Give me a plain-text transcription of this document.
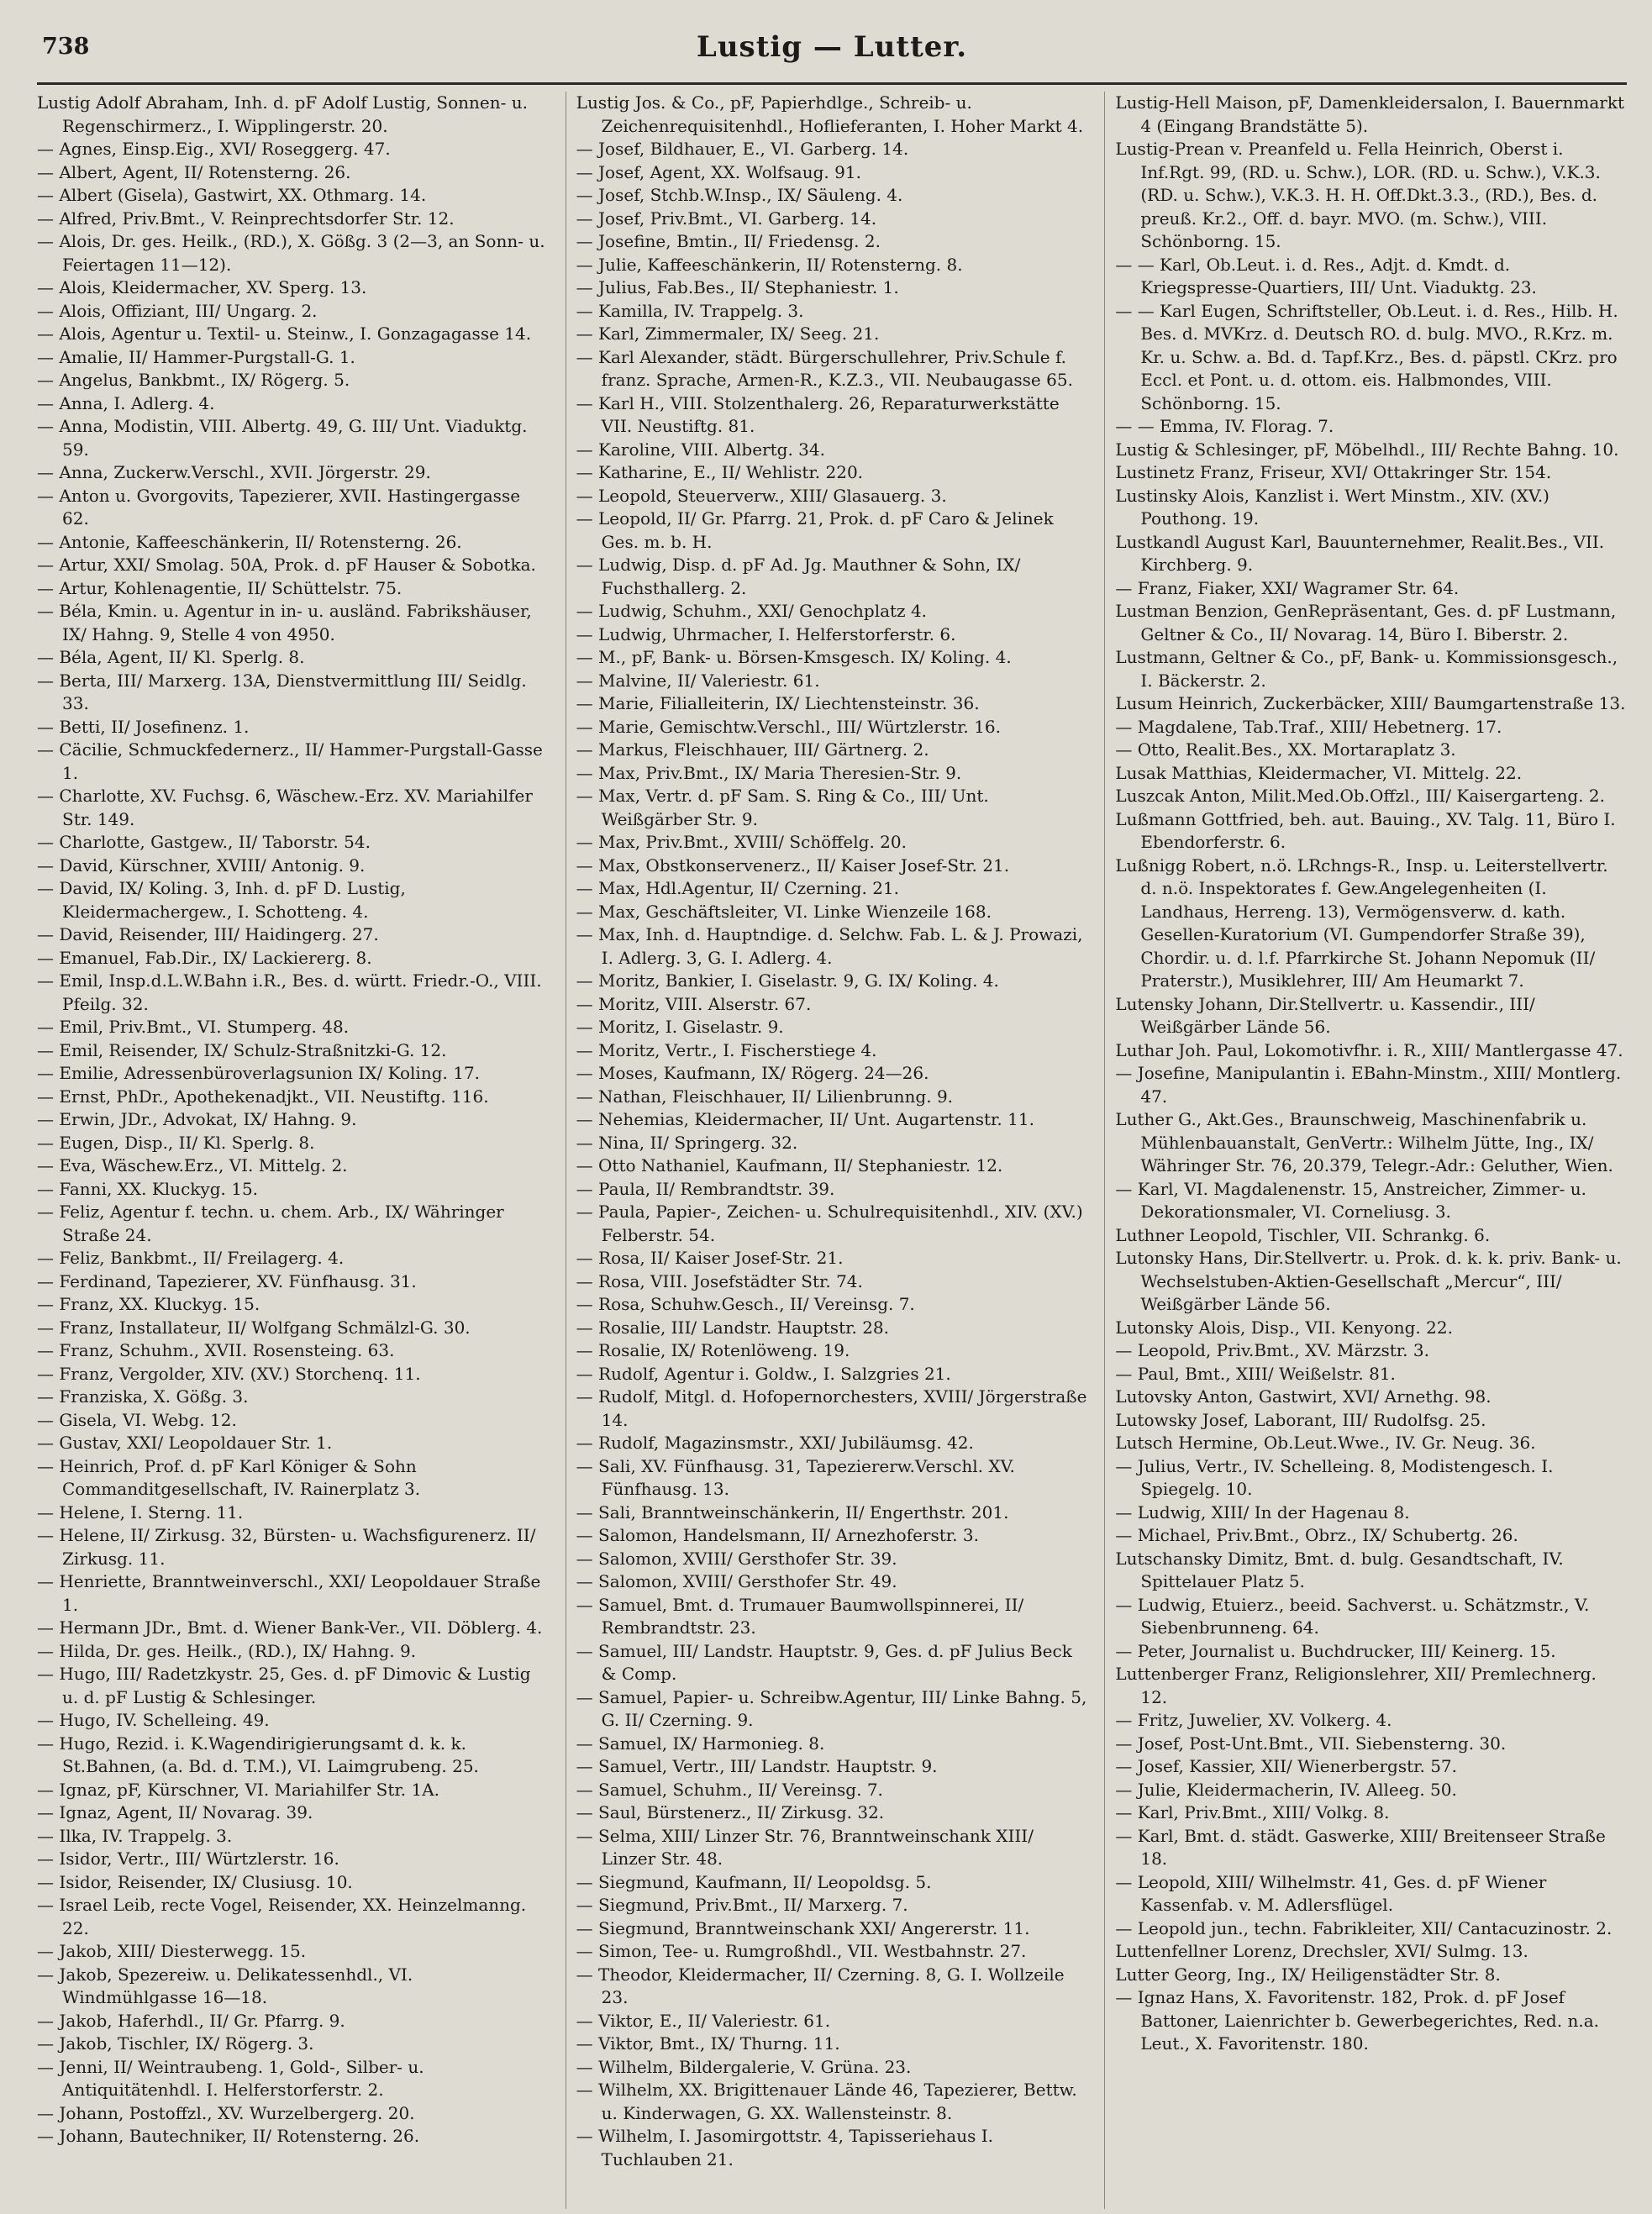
738	Lustig — Lutter.
Lustig Adolf Abraham, Inh. d. pF Adolf Lustig, Sonnen- u. Regenschirmerz., I. Wipplingerstr. 20.
— Agnes, Einsp.Eig., XVI/ Roseggerg. 47.
— Albert, Agent, II/ Rotensterng. 26.
— Albert (Gisela), Gastwirt, XX. Othmarg. 14.
— Alfred, Priv.Bmt., V. Reinprechtsdorfer Str. 12.
— Alois, Dr. ges. Heilk., (RD.), X. Gößg. 3 (2—3, an Sonn- u. Feiertagen 11—12).
— Alois, Kleidermacher, XV. Sperg. 13.
— Alois, Offiziant, III/ Ungarg. 2.
— Alois, Agentur u. Textil- u. Steinw., I. Gonzagagasse 14.
— Amalie, II/ Hammer-Purgstall-G. 1.
— Angelus, Bankbmt., IX/ Rögerg. 5.
— Anna, I. Adlerg. 4.
— Anna, Modistin, VIII. Albertg. 49, G. III/ Unt. Viaduktg. 59.
— Anna, Zuckerw.Verschl., XVII. Jörgerstr. 29.
— Anton u. Gvorgovits, Tapezierer, XVII. Hastingergasse 62.
— Antonie, Kaffeeschänkerin, II/ Rotensterng. 26.
— Artur, XXI/ Smolag. 50A, Prok. d. pF Hauser & Sobotka.
— Artur, Kohlenagentie, II/ Schüttelstr. 75.
— Béla, Kmin. u. Agentur in in- u. ausländ. Fabrikshäuser, IX/ Hahng. 9, Stelle 4 von 4950.
— Béla, Agent, II/ Kl. Sperlg. 8.
— Berta, III/ Marxerg. 13A, Dienstvermittlung III/ Seidlg. 33.
— Betti, II/ Josefinenz. 1.
— Cäcilie, Schmuckfedernerz., II/ Hammer-Purgstall-Gasse 1.
— Charlotte, XV. Fuchsg. 6, Wäschew.-Erz. XV. Mariahilfer Str. 149.
— Charlotte, Gastgew., II/ Taborstr. 54.
— David, Kürschner, XVIII/ Antonig. 9.
— David, IX/ Koling. 3, Inh. d. pF D. Lustig, Kleidermachergew., I. Schotteng. 4.
— David, Reisender, III/ Haidingerg. 27.
— Emanuel, Fab.Dir., IX/ Lackiererg. 8.
— Emil, Insp.d.L.W.Bahn i.R., Bes. d. württ. Friedr.-O., VIII. Pfeilg. 32.
— Emil, Priv.Bmt., VI. Stumperg. 48.
— Emil, Reisender, IX/ Schulz-Straßnitzki-G. 12.
— Emilie, Adressenbüroverlagsunion IX/ Koling. 17.
— Ernst, PhDr., Apothekenadjkt., VII. Neustiftg. 116.
— Erwin, JDr., Advokat, IX/ Hahng. 9.
— Eugen, Disp., II/ Kl. Sperlg. 8.
— Eva, Wäschew.Erz., VI. Mittelg. 2.
— Fanni, XX. Kluckyg. 15.
— Feliz, Agentur f. techn. u. chem. Arb., IX/ Währinger Straße 24.
— Feliz, Bankbmt., II/ Freilagerg. 4.
— Ferdinand, Tapezierer, XV. Fünfhausg. 31.
— Franz, XX. Kluckyg. 15.
— Franz, Installateur, II/ Wolfgang Schmälzl-G. 30.
— Franz, Schuhm., XVII. Rosensteing. 63.
— Franz, Vergolder, XIV. (XV.) Storchenq. 11.
— Franziska, X. Gößg. 3.
— Gisela, VI. Webg. 12.
— Gustav, XXI/ Leopoldauer Str. 1.
— Heinrich, Prof. d. pF Karl Königer & Sohn Commanditgesellschaft, IV. Rainerplatz 3.
— Helene, I. Sterng. 11.
— Helene, II/ Zirkusg. 32, Bürsten- u. Wachsfigurenerz. II/ Zirkusg. 11.
— Henriette, Branntweinverschl., XXI/ Leopoldauer Straße 1.
— Hermann JDr., Bmt. d. Wiener Bank-Ver., VII. Döblerg. 4.
— Hilda, Dr. ges. Heilk., (RD.), IX/ Hahng. 9.
— Hugo, III/ Radetzkystr. 25, Ges. d. pF Dimovic & Lustig u. d. pF Lustig & Schlesinger.
— Hugo, IV. Schelleing. 49.
— Hugo, Rezid. i. K.Wagendirigierungsamt d. k. k. St.Bahnen, (a. Bd. d. T.M.), VI. Laimgrubeng. 25.
— Ignaz, pF, Kürschner, VI. Mariahilfer Str. 1A.
— Ignaz, Agent, II/ Novarag. 39.
— Ilka, IV. Trappelg. 3.
— Isidor, Vertr., III/ Würtzlerstr. 16.
— Isidor, Reisender, IX/ Clusiusg. 10.
— Israel Leib, recte Vogel, Reisender, XX. Heinzelmanng. 22.
— Jakob, XIII/ Diesterwegg. 15.
— Jakob, Spezereiw. u. Delikatessenhdl., VI. Windmühlgasse 16—18.
— Jakob, Haferhdl., II/ Gr. Pfarrg. 9.
— Jakob, Tischler, IX/ Rögerg. 3.
— Jenni, II/ Weintraubeng. 1, Gold-, Silber- u. Antiquitätenhdl. I. Helferstorferstr. 2.
— Johann, Postoffzl., XV. Wurzelbergerg. 20.
— Johann, Bautechniker, II/ Rotensterng. 26.
Lustig Jos. & Co., pF, Papierhdlge., Schreib- u. Zeichenrequisitenhdl., Hoflieferanten, I. Hoher Markt 4.
— Josef, Bildhauer, E., VI. Garberg. 14.
— Josef, Agent, XX. Wolfsaug. 91.
— Josef, Stchb.W.Insp., IX/ Säuleng. 4.
— Josef, Priv.Bmt., VI. Garberg. 14.
— Josefine, Bmtin., II/ Friedensg. 2.
— Julie, Kaffeeschänkerin, II/ Rotensterng. 8.
— Julius, Fab.Bes., II/ Stephaniestr. 1.
— Kamilla, IV. Trappelg. 3.
— Karl, Zimmermaler, IX/ Seeg. 21.
— Karl Alexander, städt. Bürgerschullehrer, Priv.Schule f. franz. Sprache, Armen-R., K.Z.3., VII. Neubaugasse 65.
— Karl H., VIII. Stolzenthalerg. 26, Reparaturwerkstätte VII. Neustiftg. 81.
— Karoline, VIII. Albertg. 34.
— Katharine, E., II/ Wehlistr. 220.
— Leopold, Steuerverw., XIII/ Glasauerg. 3.
— Leopold, II/ Gr. Pfarrg. 21, Prok. d. pF Caro & Jelinek Ges. m. b. H.
— Ludwig, Disp. d. pF Ad. Jg. Mauthner & Sohn, IX/ Fuchsthallerg. 2.
— Ludwig, Schuhm., XXI/ Genochplatz 4.
— Ludwig, Uhrmacher, I. Helferstorferstr. 6.
— M., pF, Bank- u. Börsen-Kmsgesch. IX/ Koling. 4.
— Malvine, II/ Valeriestr. 61.
— Marie, Filialleiterin, IX/ Liechtensteinstr. 36.
— Marie, Gemischtw.Verschl., III/ Würtzlerstr. 16.
— Markus, Fleischhauer, III/ Gärtnerg. 2.
— Max, Priv.Bmt., IX/ Maria Theresien-Str. 9.
— Max, Vertr. d. pF Sam. S. Ring & Co., III/ Unt. Weißgärber Str. 9.
— Max, Priv.Bmt., XVIII/ Schöffelg. 20.
— Max, Obstkonservenerz., II/ Kaiser Josef-Str. 21.
— Max, Hdl.Agentur, II/ Czerning. 21.
— Max, Geschäftsleiter, VI. Linke Wienzeile 168.
— Max, Inh. d. Hauptndige. d. Selchw. Fab. L. & J. Prowazi, I. Adlerg. 3, G. I. Adlerg. 4.
— Moritz, Bankier, I. Giselastr. 9, G. IX/ Koling. 4.
— Moritz, VIII. Alserstr. 67.
— Moritz, I. Giselastr. 9.
— Moritz, Vertr., I. Fischerstiege 4.
— Moses, Kaufmann, IX/ Rögerg. 24—26.
— Nathan, Fleischhauer, II/ Lilienbrunng. 9.
— Nehemias, Kleidermacher, II/ Unt. Augartenstr. 11.
— Nina, II/ Springerg. 32.
— Otto Nathaniel, Kaufmann, II/ Stephaniestr. 12.
— Paula, II/ Rembrandtstr. 39.
— Paula, Papier-, Zeichen- u. Schulrequisitenhdl., XIV. (XV.) Felberstr. 54.
— Rosa, II/ Kaiser Josef-Str. 21.
— Rosa, VIII. Josefstädter Str. 74.
— Rosa, Schuhw.Gesch., II/ Vereinsg. 7.
— Rosalie, III/ Landstr. Hauptstr. 28.
— Rosalie, IX/ Rotenlöweng. 19.
— Rudolf, Agentur i. Goldw., I. Salzgries 21.
— Rudolf, Mitgl. d. Hofopernorchesters, XVIII/ Jörgerstraße 14.
— Rudolf, Magazinsmstr., XXI/ Jubiläumsg. 42.
— Sali, XV. Fünfhausg. 31, Tapeziererw.Verschl. XV. Fünfhausg. 13.
— Sali, Branntweinschänkerin, II/ Engerthstr. 201.
— Salomon, Handelsmann, II/ Arnezhoferstr. 3.
— Salomon, XVIII/ Gersthofer Str. 39.
— Salomon, XVIII/ Gersthofer Str. 49.
— Samuel, Bmt. d. Trumauer Baumwollspinnerei, II/ Rembrandtstr. 23.
— Samuel, III/ Landstr. Hauptstr. 9, Ges. d. pF Julius Beck & Comp.
— Samuel, Papier- u. Schreibw.Agentur, III/ Linke Bahng. 5, G. II/ Czerning. 9.
— Samuel, IX/ Harmonieg. 8.
— Samuel, Vertr., III/ Landstr. Hauptstr. 9.
— Samuel, Schuhm., II/ Vereinsg. 7.
— Saul, Bürstenerz., II/ Zirkusg. 32.
— Selma, XIII/ Linzer Str. 76, Branntweinschank XIII/ Linzer Str. 48.
— Siegmund, Kaufmann, II/ Leopoldsg. 5.
— Siegmund, Priv.Bmt., II/ Marxerg. 7.
— Siegmund, Branntweinschank XXI/ Angererstr. 11.
— Simon, Tee- u. Rumgroßhdl., VII. Westbahnstr. 27.
— Theodor, Kleidermacher, II/ Czerning. 8, G. I. Wollzeile 23.
— Viktor, E., II/ Valeriestr. 61.
— Viktor, Bmt., IX/ Thurng. 11.
— Wilhelm, Bildergalerie, V. Grüna. 23.
— Wilhelm, XX. Brigittenauer Lände 46, Tapezierer, Bettw. u. Kinderwagen, G. XX. Wallensteinstr. 8.
— Wilhelm, I. Jasomirgottstr. 4, Tapisseriehaus I. Tuchlauben 21.
Lustig-Hell Maison, pF, Damenkleidersalon, I. Bauernmarkt 4 (Eingang Brandstätte 5).
Lustig-Prean v. Preanfeld u. Fella Heinrich, Oberst i. Inf.Rgt. 99, (RD. u. Schw.), LOR. (RD. u. Schw.), V.K.3. (RD. u. Schw.), V.K.3. H. H. Off.Dkt.3.3., (RD.), Bes. d. preuß. Kr.2., Off. d. bayr. MVO. (m. Schw.), VIII. Schönborng. 15.
— — Karl, Ob.Leut. i. d. Res., Adjt. d. Kmdt. d. Kriegspresse-Quartiers, III/ Unt. Viaduktg. 23.
— — Karl Eugen, Schriftsteller, Ob.Leut. i. d. Res., Hilb. H. Bes. d. MVKrz. d. Deutsch RO. d. bulg. MVO., R.Krz. m. Kr. u. Schw. a. Bd. d. Tapf.Krz., Bes. d. päpstl. CKrz. pro Eccl. et Pont. u. d. ottom. eis. Halbmondes, VIII. Schönborng. 15.
— — Emma, IV. Florag. 7.
Lustig & Schlesinger, pF, Möbelhdl., III/ Rechte Bahng. 10.
Lustinetz Franz, Friseur, XVI/ Ottakringer Str. 154.
Lustinsky Alois, Kanzlist i. Wert Minstm., XIV. (XV.) Pouthong. 19.
Lustkandl August Karl, Bauunternehmer, Realit.Bes., VII. Kirchberg. 9.
— Franz, Fiaker, XXI/ Wagramer Str. 64.
Lustman Benzion, GenRepräsentant, Ges. d. pF Lustmann, Geltner & Co., II/ Novarag. 14, Büro I. Biberstr. 2.
Lustmann, Geltner & Co., pF, Bank- u. Kommissionsgesch., I. Bäckerstr. 2.
Lusum Heinrich, Zuckerbäcker, XIII/ Baumgartenstraße 13.
— Magdalene, Tab.Traf., XIII/ Hebetnerg. 17.
— Otto, Realit.Bes., XX. Mortaraplatz 3.
Lusak Matthias, Kleidermacher, VI. Mittelg. 22.
Luszcak Anton, Milit.Med.Ob.Offzl., III/ Kaisergarteng. 2.
Lußmann Gottfried, beh. aut. Bauing., XV. Talg. 11, Büro I. Ebendorferstr. 6.
Lußnigg Robert, n.ö. LRchngs-R., Insp. u. Leiterstellvertr. d. n.ö. Inspektorates f. Gew.Angelegenheiten (I. Landhaus, Herreng. 13), Vermögensverw. d. kath. Gesellen-Kuratorium (VI. Gumpendorfer Straße 39), Chordir. u. d. l.f. Pfarrkirche St. Johann Nepomuk (II/ Praterstr.), Musiklehrer, III/ Am Heumarkt 7.
Lutensky Johann, Dir.Stellvertr. u. Kassendir., III/ Weißgärber Lände 56.
Luthar Joh. Paul, Lokomotivfhr. i. R., XIII/ Mantlergasse 47.
— Josefine, Manipulantin i. EBahn-Minstm., XIII/ Montlerg. 47.
Luther G., Akt.Ges., Braunschweig, Maschinenfabrik u. Mühlenbauanstalt, GenVertr.: Wilhelm Jütte, Ing., IX/ Währinger Str. 76, 20.379, Telegr.-Adr.: Geluther, Wien.
— Karl, VI. Magdalenenstr. 15, Anstreicher, Zimmer- u. Dekorationsmaler, VI. Corneliusg. 3.
Luthner Leopold, Tischler, VII. Schrankg. 6.
Lutonsky Hans, Dir.Stellvertr. u. Prok. d. k. k. priv. Bank- u. Wechselstuben-Aktien-Gesellschaft „Mercur“, III/ Weißgärber Lände 56.
Lutonsky Alois, Disp., VII. Kenyong. 22.
— Leopold, Priv.Bmt., XV. Märzstr. 3.
— Paul, Bmt., XIII/ Weißelstr. 81.
Lutovsky Anton, Gastwirt, XVI/ Arnethg. 98.
Lutowsky Josef, Laborant, III/ Rudolfsg. 25.
Lutsch Hermine, Ob.Leut.Wwe., IV. Gr. Neug. 36.
— Julius, Vertr., IV. Schelleing. 8, Modistengesch. I. Spiegelg. 10.
— Ludwig, XIII/ In der Hagenau 8.
— Michael, Priv.Bmt., Obrz., IX/ Schubertg. 26.
Lutschansky Dimitz, Bmt. d. bulg. Gesandtschaft, IV. Spittelauer Platz 5.
— Ludwig, Etuierz., beeid. Sachverst. u. Schätzmstr., V. Siebenbrunneng. 64.
— Peter, Journalist u. Buchdrucker, III/ Keinerg. 15.
Luttenberger Franz, Religionslehrer, XII/ Premlechnerg. 12.
— Fritz, Juwelier, XV. Volkerg. 4.
— Josef, Post-Unt.Bmt., VII. Siebensterng. 30.
— Josef, Kassier, XII/ Wienerbergstr. 57.
— Julie, Kleidermacherin, IV. Alleeg. 50.
— Karl, Priv.Bmt., XIII/ Volkg. 8.
— Karl, Bmt. d. städt. Gaswerke, XIII/ Breitenseer Straße 18.
— Leopold, XIII/ Wilhelmstr. 41, Ges. d. pF Wiener Kassenfab. v. M. Adlersflügel.
— Leopold jun., techn. Fabrikleiter, XII/ Cantacuzinostr. 2.
Luttenfellner Lorenz, Drechsler, XVI/ Sulmg. 13.
Lutter Georg, Ing., IX/ Heiligenstädter Str. 8.
— Ignaz Hans, X. Favoritenstr. 182, Prok. d. pF Josef Battoner, Laienrichter b. Gewerbegerichtes, Red. n.a. Leut., X. Favoritenstr. 180.
